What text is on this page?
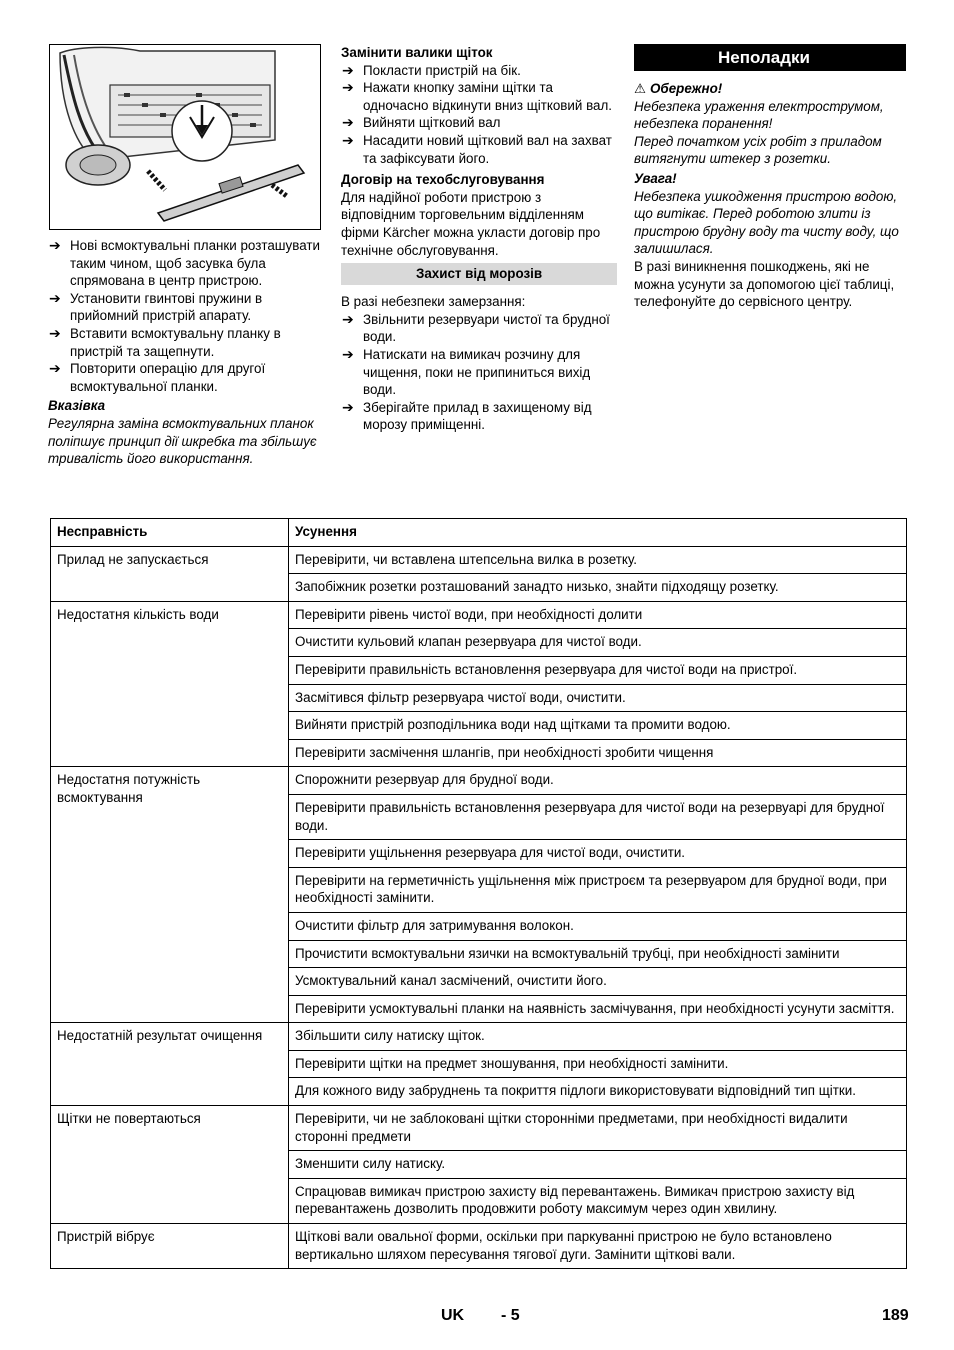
➔ Нові всмоктувальні планки розташувати таким чином, щоб засувка була спрямована в центр пристрою.
➔ Установити гвинтові пружини в прийомний пристрій апарату.
➔ Вставити всмоктувальну планку в пристрій та защепнути.
➔ Повторити операцію для другої всмоктувальної планки.
Вказівка
Регулярна заміна всмоктувальних планок поліпшує принцип дії шкребка та збільшує тривалість його використання.
Замінити валики щіток
➔ Покласти пристрій на бік.
➔ Нажати кнопку заміни щітки та одночасно відкинути вниз щітковий вал.
➔ Вийняти щітковий вал
➔ Насадити новий щітковий вал на захват та зафіксувати його.
Договір на техобслуговування
Для надійної роботи пристрою з відповідним торговельним відділенням фірми Kärcher можна укласти договір про технічне обслуговування.
Захист від морозів
В разі небезпеки замерзання:
➔ Звільнити резервуари чистої та брудної води.
➔ Натискати на вимикач розчину для чищення, поки не припиниться вихід води.
➔ Зберігайте прилад в захищеному від морозу приміщенні.
Неполадки
⚠ Обережно!
Небезпека ураження електрострумом, небезпека поранення!
Перед початком усіх робіт з приладом витягнути штекер з розетки.
Увага!
Небезпека ушкодження пристрою водою, що витікає. Перед роботою злити із пристрою брудну воду та чисту воду, що залишилася.
В разі виникнення пошкоджень, які не можна усунути за допомогою цієї таблиці, телефонуйте до сервісного центру.
Несправність	Усунення
Прилад не запускається	Перевірити, чи вставлена штепсельна вилка в розетку.
	Запобіжник розетки розташований занадто низько, знайти підходящу розетку.
Недостатня кількість води	Перевірити рівень чистої води, при необхідності долити
	Очистити кульовий клапан резервуара для чистої води.
	Перевірити правильність встановлення резервуара для чистої води на пристрої.
	Засмітився фільтр резервуара чистої води, очистити.
	Вийняти пристрій розподільника води над щітками та промити водою.
	Перевірити засмічення шлангів, при необхідності зробити чищення
Недостатня потужність всмоктування	Спорожнити резервуар для брудної води.
	Перевірити правильність встановлення резервуара для чистої води на резервуарі для брудної води.
	Перевірити ущільнення резервуара для чистої води, очистити.
	Перевірити на герметичність ущільнення між пристроєм та резервуаром для брудної води, при необхідності замінити.
	Очистити фільтр для затримування волокон.
	Прочистити всмоктувальни язички на всмоктувальній трубці, при необхідності замінити
	Усмоктувальний канал засмічений, очистити його.
	Перевірити усмоктувальні планки на наявність засмічування, при необхідності усунути засміття.
Недостатній результат очищення	Збільшити силу натиску щіток.
	Перевірити щітки на предмет зношування, при необхідності замінити.
	Для кожного виду забруднень та покриття підлоги використовувати відповідний тип щітки.
Щітки не повертаються	Перевірити, чи не заблоковані щітки сторонніми предметами, при необхідності видалити сторонні предмети
	Зменшити силу натиску.
	Спрацював вимикач пристрою захисту від перевантажень. Вимикач пристрою захисту від перевантажень дозволить продовжити роботу максимум через один хвилину.
Пристрій вібрує	Щіткові вали овальної форми, оскільки при паркуванні пристрою не було встановлено вертикально шляхом пересування тягової дуги. Замінити щіткові вали.
UK - 5	189
